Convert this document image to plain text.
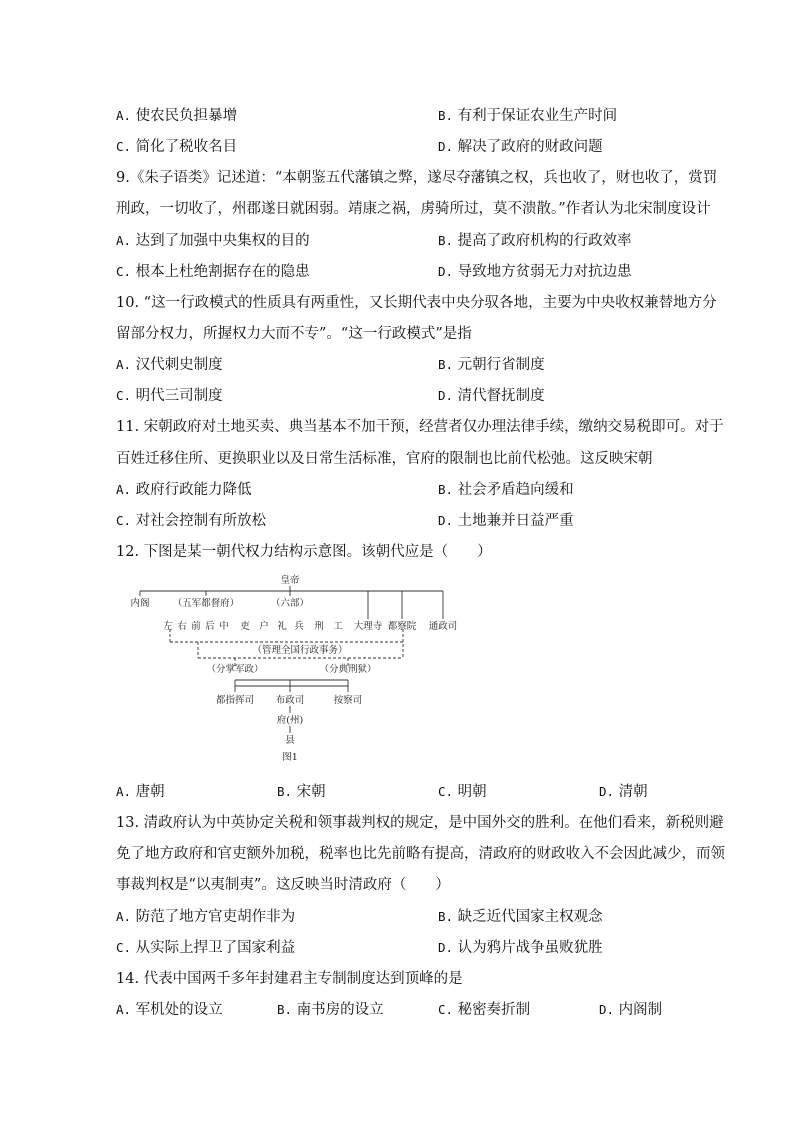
A. 使农民负担暴增	B. 有利于保证农业生产时间
C. 简化了税收名目	D. 解决了政府的财政问题
9.《朱子语类》记述道：“本朝鉴五代藩镇之弊，遂尽夺藩镇之权，兵也收了，财也收了，赏罚
刑政，一切收了，州郡遂日就困弱。靖康之祸，虏骑所过，莫不溃散。”作者认为北宋制度设计
A. 达到了加强中央集权的目的	B. 提高了政府机构的行政效率
C. 根本上杜绝割据存在的隐患	D. 导致地方贫弱无力对抗边患
10. “这一行政模式的性质具有两重性，又长期代表中央分驭各地，主要为中央收权兼替地方分
留部分权力，所握权力大而不专”。“这一行政模式”是指
A. 汉代刺史制度	B. 元朝行省制度
C. 明代三司制度	D. 清代督抚制度
11. 宋朝政府对土地买卖、典当基本不加干预，经营者仅办理法律手续，缴纳交易税即可。对于
百姓迁移住所、更换职业以及日常生活标准，官府的限制也比前代松弛。这反映宋朝
A. 政府行政能力降低	B. 社会矛盾趋向缓和
C. 对社会控制有所放松	D. 土地兼并日益严重
12. 下图是某一朝代权力结构示意图。该朝代应是（　　）
皇帝
内阁 （五军都督府）	（六部）
左 右 前 后 中 吏 户 礼 兵 刑 工 大理寺 都察院 通政司
（管理全国行政事务）
（分掌军政）	（分典刑狱）
都指挥司 布政司	按察司
府(州)
县
图1
A. 唐朝	B. 宋朝	C. 明朝	D. 清朝
13. 清政府认为中英协定关税和领事裁判权的规定，是中国外交的胜利。在他们看来，新税则避
免了地方政府和官吏额外加税，税率也比先前略有提高，清政府的财政收入不会因此减少，而领
事裁判权是“以夷制夷”。这反映当时清政府（　　）
A. 防范了地方官吏胡作非为	B. 缺乏近代国家主权观念
C. 从实际上捍卫了国家利益	D. 认为鸦片战争虽败犹胜
14. 代表中国两千多年封建君主专制制度达到顶峰的是
A. 军机处的设立	B. 南书房的设立	C. 秘密奏折制	D. 内阁制
